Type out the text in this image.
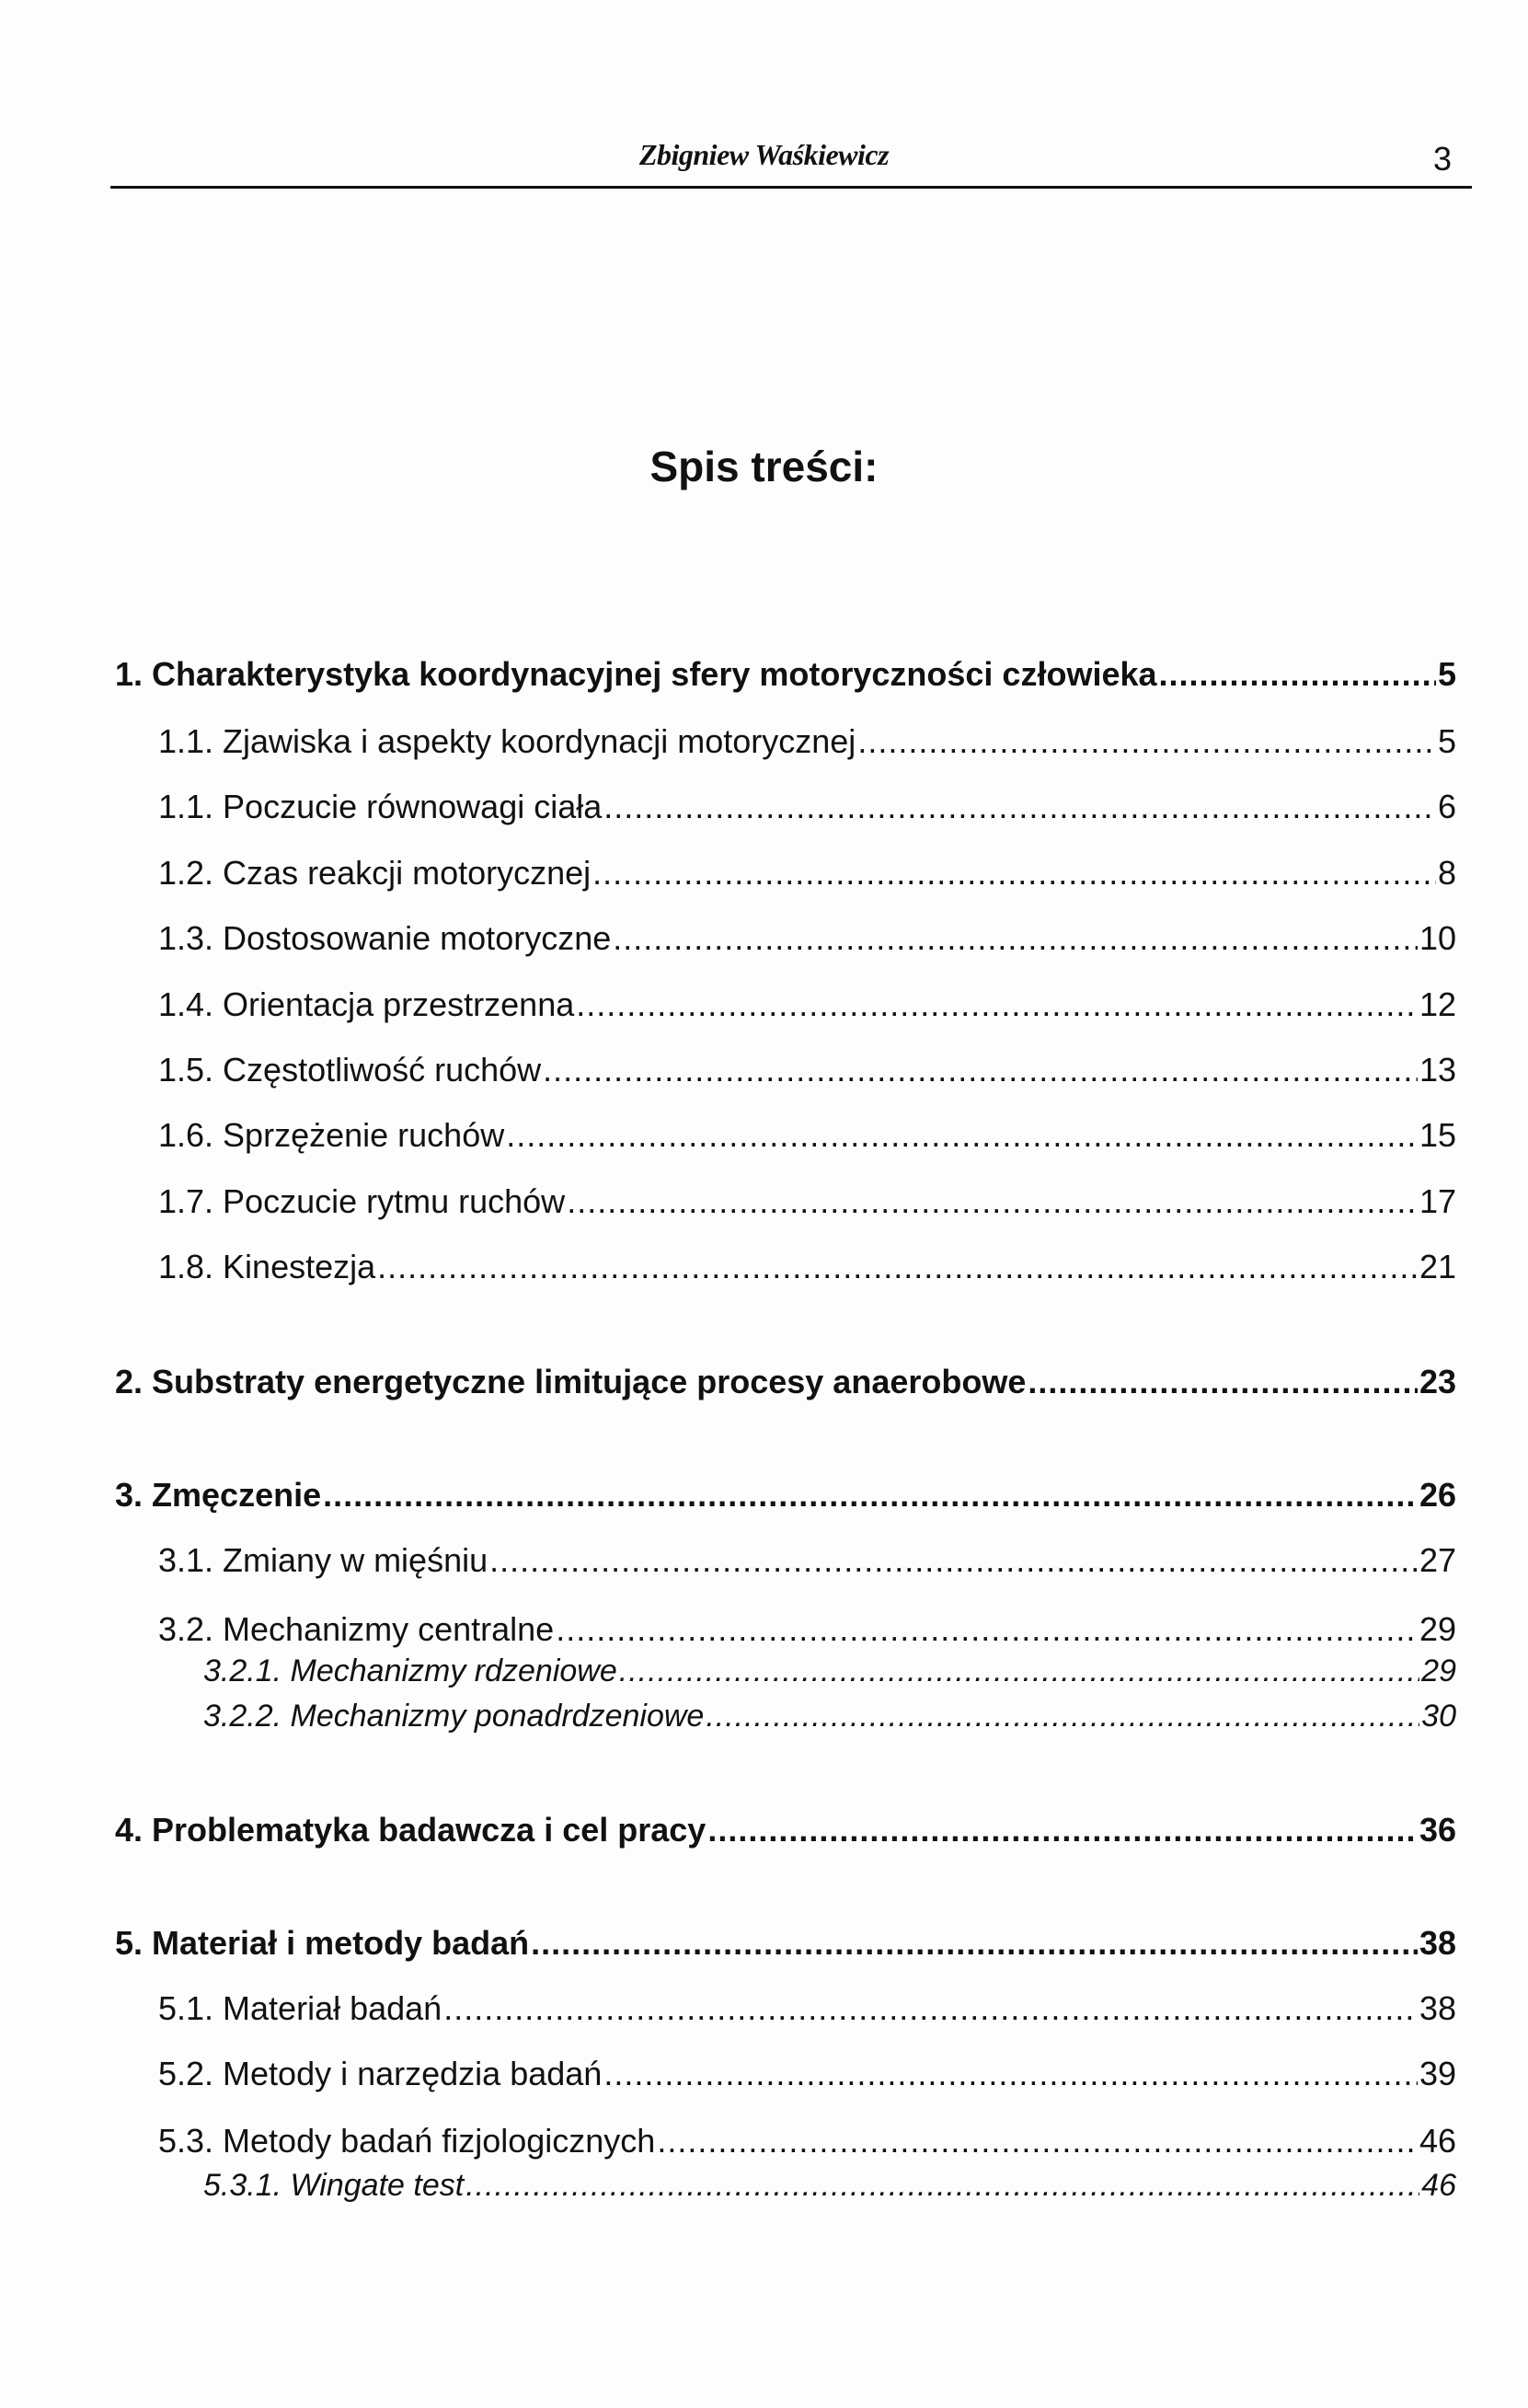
Zbigniew Waśkiewicz	3
Spis treści:
1. Charakterystyka koordynacyjnej sfery motoryczności człowieka .....	5
1.1. Zjawiska i aspekty koordynacji motorycznej .....	5
1.1. Poczucie równowagi ciała .....	6
1.2. Czas reakcji motorycznej .....	8
1.3. Dostosowanie motoryczne .....	10
1.4. Orientacja przestrzenna .....	12
1.5. Częstotliwość ruchów .....	13
1.6. Sprzężenie ruchów .....	15
1.7. Poczucie rytmu ruchów .....	17
1.8. Kinestezja .....	21
2. Substraty energetyczne limitujące procesy anaerobowe .....	23
3. Zmęczenie .....	26
3.1. Zmiany w mięśniu .....	27
3.2. Mechanizmy centralne .....	29
3.2.1. Mechanizmy rdzeniowe .....	29
3.2.2. Mechanizmy ponadrdzeniowe .....	30
4. Problematyka badawcza i cel pracy .....	36
5. Materiał i metody badań .....	38
5.1. Materiał badań .....	38
5.2. Metody i narzędzia badań .....	39
5.3. Metody badań fizjologicznych .....	46
5.3.1. Wingate test .....	46
